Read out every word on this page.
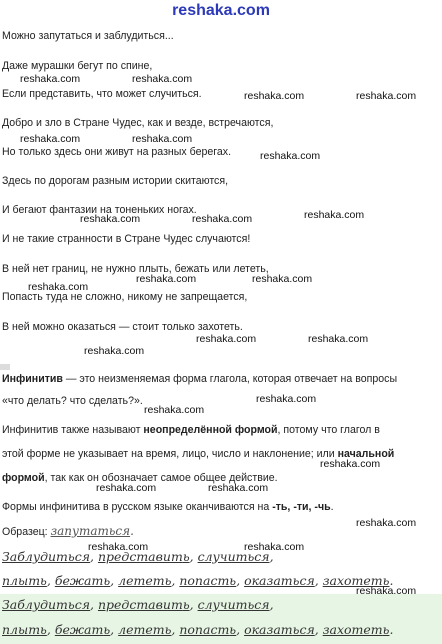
reshaka.com
Можно запутаться и заблудиться...
Даже мурашки бегут по спине,
Если представить, что может случиться.
Добро и зло в Стране Чудес, как и везде, встречаются,
Но только здесь они живут на разных берегах.
Здесь по дорогам разным истории скитаются,
И бегают фантазии на тоненьких ногах.
И не такие странности в Стране Чудес случаются!
В ней нет границ, не нужно плыть, бежать или лететь,
Попасть туда не сложно, никому не запрещается,
В ней можно оказаться — стоит только захотеть.
Инфинитив — это неизменяемая форма глагола, которая отвечает на вопросы
«что делать? что сделать?».
Инфинитив также называют неопределённой формой, потому что глагол в
этой форме не указывает на время, лицо, число и наклонение; или начальной
формой, так как он обозначает самое общее действие.
Формы инфинитива в русском языке оканчиваются на -ть, -ти, -чь.
Образец: запутаться.
Заблудиться, представить, случиться,
плыть, бежать, лететь, попасть, оказаться, захотеть.
Заблудиться, представить, случиться,
плыть, бежать, лететь, попасть, оказаться, захотеть.
reshaka.com	reshaka.com
reshaka.com	reshaka.com
reshaka.com	reshaka.com
reshaka.com
reshaka.com	reshaka.com	reshaka.com
reshaka.com	reshaka.com
reshaka.com
reshaka.com	reshaka.com
reshaka.com
reshaka.com
reshaka.com
reshaka.com
reshaka.com	reshaka.com
reshaka.com
reshaka.com	reshaka.com
reshaka.com
